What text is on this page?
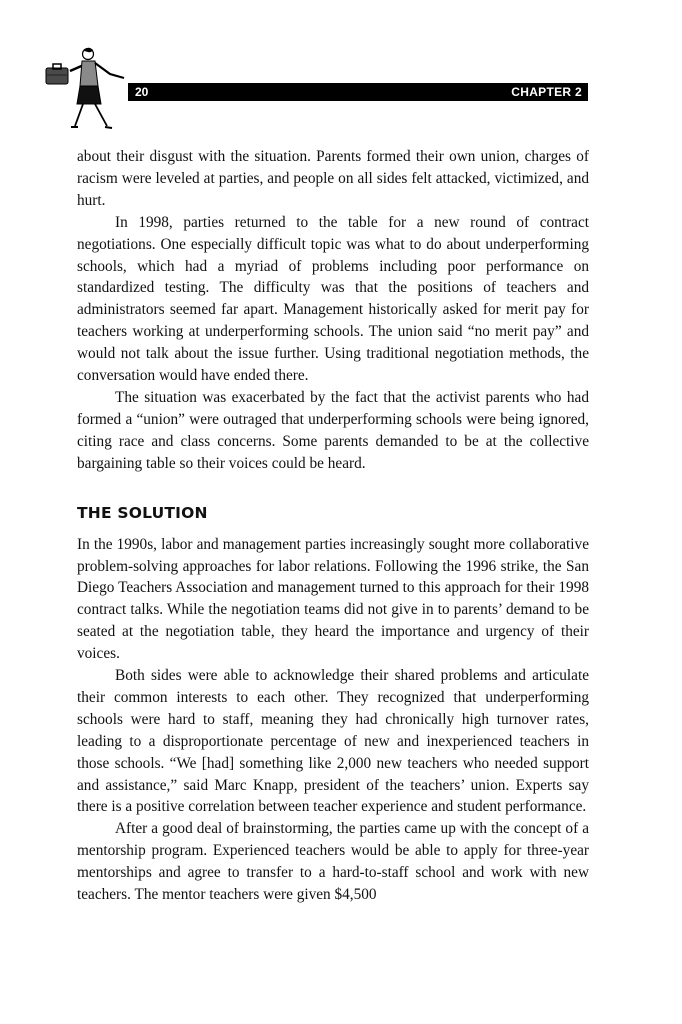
20	CHAPTER 2

about their disgust with the situation. Parents formed their own union, charges of racism were leveled at parties, and people on all sides felt attacked, victimized, and hurt.

In 1998, parties returned to the table for a new round of contract negotiations. One especially difficult topic was what to do about underperforming schools, which had a myriad of problems including poor performance on standardized testing. The difficulty was that the positions of teachers and administrators seemed far apart. Management historically asked for merit pay for teachers working at underperforming schools. The union said “no merit pay” and would not talk about the issue further. Using traditional negotiation methods, the conversation would have ended there.

The situation was exacerbated by the fact that the activist parents who had formed a “union” were outraged that underperforming schools were being ignored, citing race and class concerns. Some parents demanded to be at the collective bargaining table so their voices could be heard.

THE SOLUTION

In the 1990s, labor and management parties increasingly sought more collaborative problem-solving approaches for labor relations. Following the 1996 strike, the San Diego Teachers Association and management turned to this approach for their 1998 contract talks. While the negotiation teams did not give in to parents’ demand to be seated at the negotiation table, they heard the importance and urgency of their voices.

Both sides were able to acknowledge their shared problems and articulate their common interests to each other. They recognized that underperforming schools were hard to staff, meaning they had chronically high turnover rates, leading to a disproportionate percentage of new and inexperienced teachers in those schools. “We [had] something like 2,000 new teachers who needed support and assistance,” said Marc Knapp, president of the teachers’ union. Experts say there is a positive correlation between teacher experience and student performance.

After a good deal of brainstorming, the parties came up with the concept of a mentorship program. Experienced teachers would be able to apply for three-year mentorships and agree to transfer to a hard-to-staff school and work with new teachers. The mentor teachers were given $4,500
